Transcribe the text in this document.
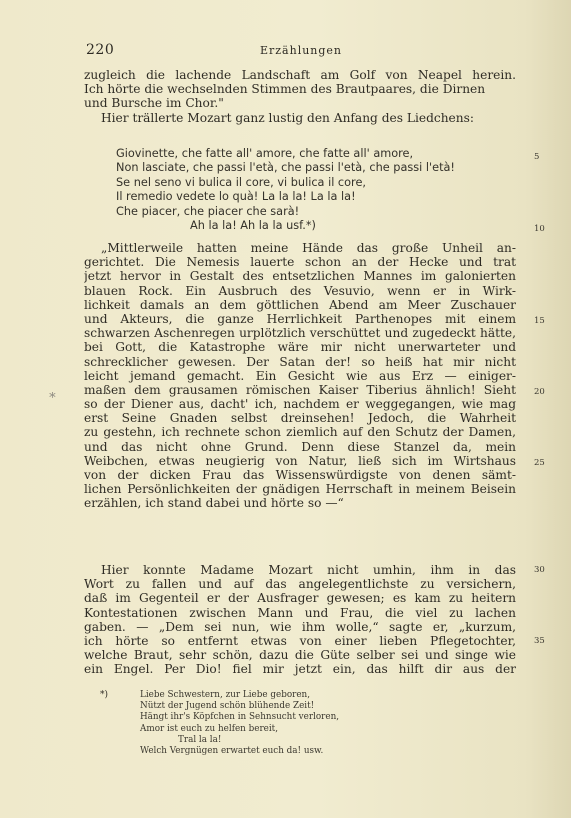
220	Erzählungen
zugleich die lachende Landschaft am Golf von Neapel herein.
Ich hörte die wechselnden Stimmen des Brautpaares, die Dirnen
und Bursche im Chor."
Hier trällerte Mozart ganz lustig den Anfang des Liedchens:
Giovinette, che fatte all' amore, che fatte all' amore,
Non lasciate, che passi l'età, che passi l'età, che passi l'età!
Se nel seno vi bulica il core, vi bulica il core,
Il remedio vedete lo quà! La la la! La la la!
Che piacer, che piacer che sarà!
Ah la la! Ah la la usf.*)
„Mittlerweile hatten meine Hände das große Unheil an-
gerichtet. Die Nemesis lauerte schon an der Hecke und trat
jetzt hervor in Gestalt des entsetzlichen Mannes im galonierten
blauen Rock. Ein Ausbruch des Vesuvio, wenn er in Wirk-
lichkeit damals an dem göttlichen Abend am Meer Zuschauer
und Akteurs, die ganze Herrlichkeit Parthenopes mit einem
schwarzen Aschenregen urplötzlich verschüttet und zugedeckt hätte,
bei Gott, die Katastrophe wäre mir nicht unerwarteter und
schrecklicher gewesen. Der Satan der! so heiß hat mir nicht
leicht jemand gemacht. Ein Gesicht wie aus Erz — einiger-
maßen dem grausamen römischen Kaiser Tiberius ähnlich! Sieht
so der Diener aus, dacht' ich, nachdem er weggegangen, wie mag
erst Seine Gnaden selbst dreinsehen! Jedoch, die Wahrheit
zu gestehn, ich rechnete schon ziemlich auf den Schutz der Damen,
und das nicht ohne Grund. Denn diese Stanzel da, mein
Weibchen, etwas neugierig von Natur, ließ sich im Wirtshaus
von der dicken Frau das Wissenswürdigste von denen sämt-
lichen Persönlichkeiten der gnädigen Herrschaft in meinem Beisein
erzählen, ich stand dabei und hörte so —“
Hier konnte Madame Mozart nicht umhin, ihm in das
Wort zu fallen und auf das angelegentlichste zu versichern,
daß im Gegenteil er der Ausfrager gewesen; es kam zu heitern
Kontestationen zwischen Mann und Frau, die viel zu lachen
gaben. — „Dem sei nun, wie ihm wolle,“ sagte er, „kurzum,
ich hörte so entfernt etwas von einer lieben Pflegetochter,
welche Braut, sehr schön, dazu die Güte selber sei und singe wie
ein Engel. Per Dio! fiel mir jetzt ein, das hilft dir aus der
5
10
15
20
25
30
35
∗
*)	Liebe Schwestern, zur Liebe geboren,
Nützt der Jugend schön blühende Zeit!
Hängt ihr's Köpfchen in Sehnsucht verloren,
Amor ist euch zu helfen bereit,
Tral la la!
Welch Vergnügen erwartet euch da! usw.
